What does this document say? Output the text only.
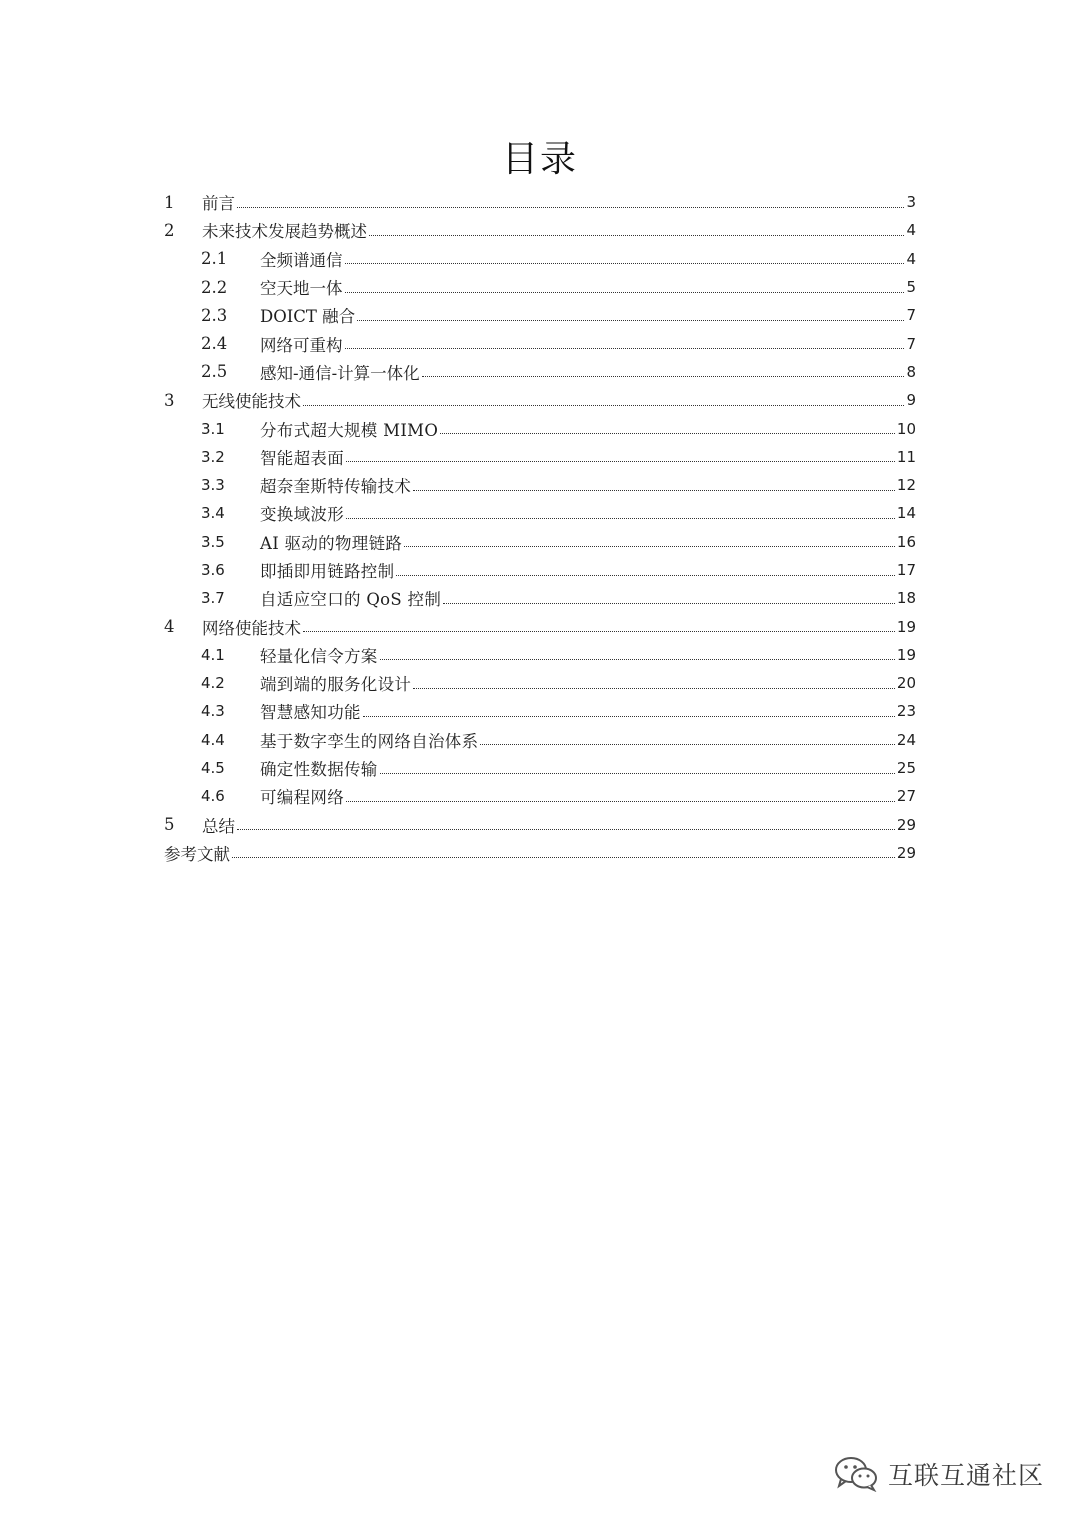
目录
1	前言	3
2	未来技术发展趋势概述	4
2.1	全频谱通信	4
2.2	空天地一体	5
2.3	DOICT 融合	7
2.4	网络可重构	7
2.5	感知-通信-计算一体化	8
3	无线使能技术	9
3.1	分布式超大规模 MIMO	10
3.2	智能超表面	11
3.3	超奈奎斯特传输技术	12
3.4	变换域波形	14
3.5	AI 驱动的物理链路	16
3.6	即插即用链路控制	17
3.7	自适应空口的 QoS 控制	18
4	网络使能技术	19
4.1	轻量化信令方案	19
4.2	端到端的服务化设计	20
4.3	智慧感知功能	23
4.4	基于数字孪生的网络自治体系	24
4.5	确定性数据传输	25
4.6	可编程网络	27
5	总结	29
参考文献	29
互联互通社区
